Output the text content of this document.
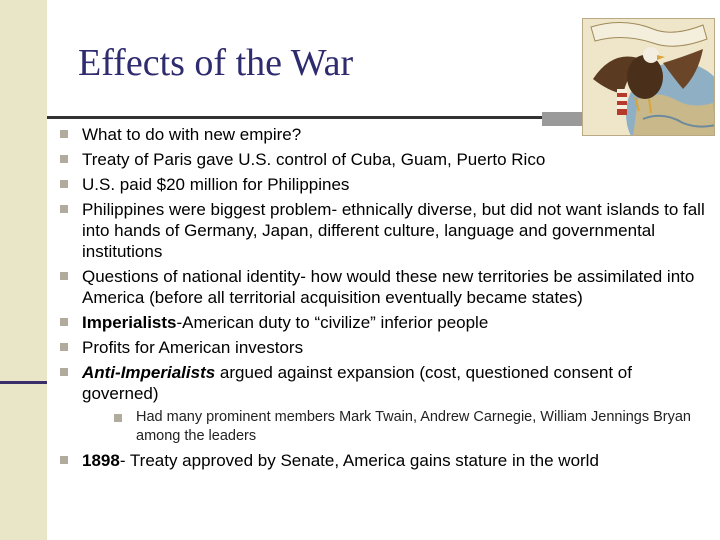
Effects of the War
What to do with new empire?
Treaty of Paris gave U.S. control of Cuba, Guam, Puerto Rico
U.S. paid $20 million for Philippines
Philippines were biggest problem- ethnically diverse, but did not want islands to fall into hands of Germany, Japan, different culture, language and governmental institutions
Questions of national identity- how would these new territories be assimilated into America (before all territorial acquisition eventually became states)
Imperialists-American duty to “civilize” inferior people
Profits for American investors
Anti-Imperialists argued against expansion (cost, questioned consent of governed)
Had many prominent members Mark Twain, Andrew Carnegie, William Jennings Bryan among the leaders
1898- Treaty approved by Senate, America gains stature in the world
